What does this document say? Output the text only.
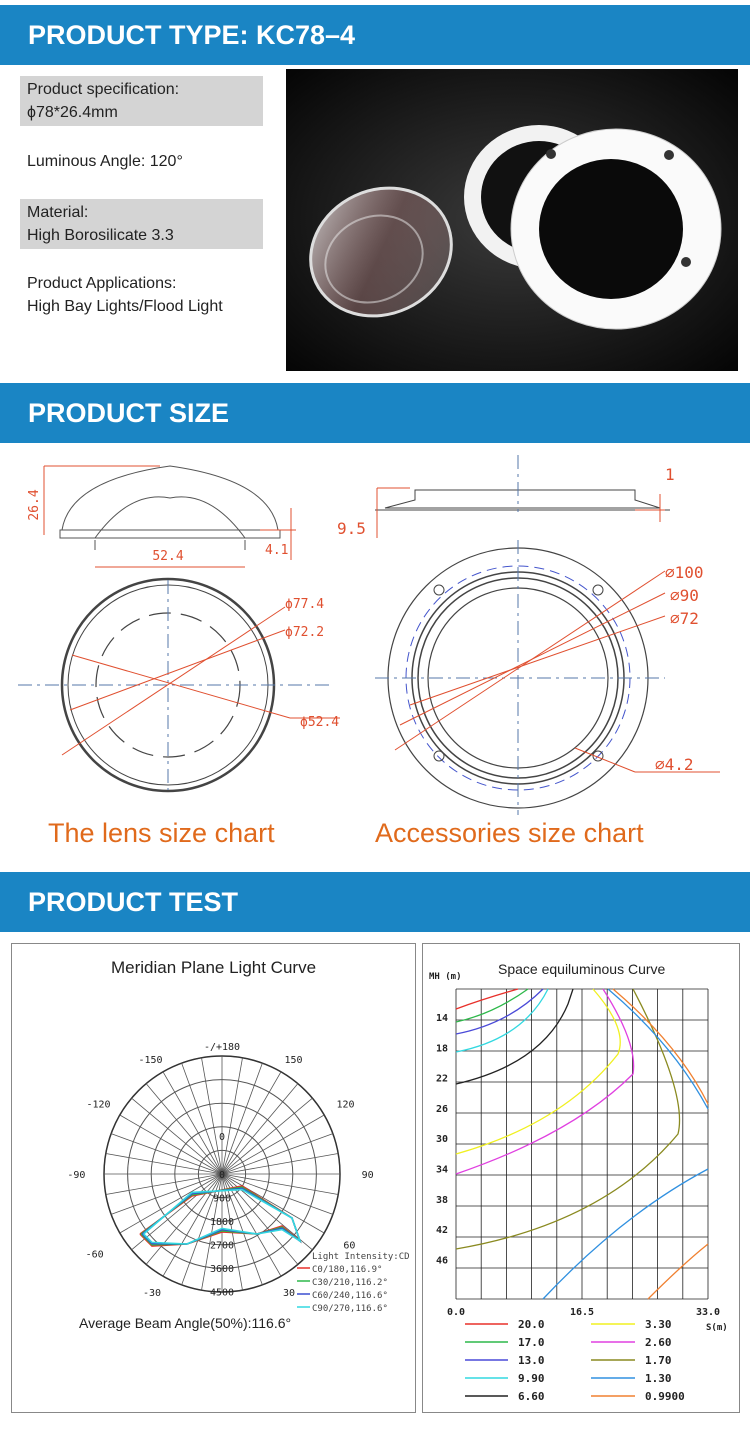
PRODUCT TYPE: KC78–4
Product specification:
ϕ78*26.4mm
Luminous Angle: 120°
Material:
High Borosilicate 3.3
Product Applications:
High Bay Lights/Flood Light
PRODUCT SIZE
26.4
52.4	4.1
ϕ77.4
ϕ72.2
ϕ52.4
9.5
1
⌀100
⌀90
⌀72
⌀4.2
The lens size chart	Accessories size chart
PRODUCT TEST
Meridian Plane Light Curve
-/+180
-150	150
-120	120
-90	90
-60
60
-30	30
0
0
900
1800
2700
3600
4500
Light Intensity:CD
C0/180,116.9°
C30/210,116.2°
C60/240,116.6°
C90/270,116.6°
Average Beam Angle(50%):116.6°
Space equiluminous Curve
MH (m)
14
18
22
26
30
34
38
42
46
0.0	16.5	33.0
S(m)
20.0
17.0
13.0
9.90
6.60
3.30
2.60
1.70
1.30
0.9900
